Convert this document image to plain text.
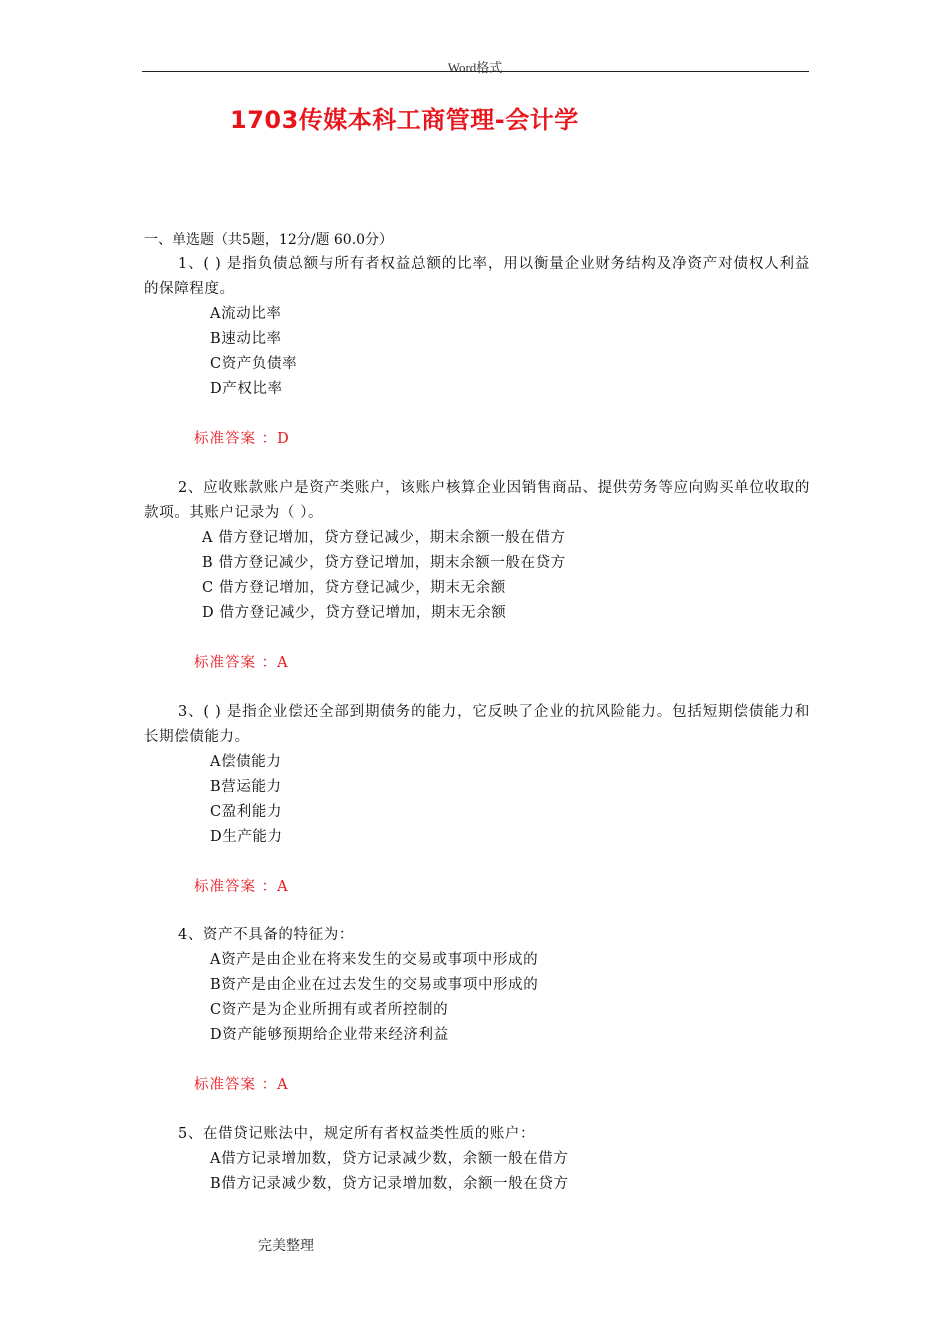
Word格式
1703传媒本科工商管理-会计学
一、单选题（共5题，12分/题 60.0分）
1、( ) 是指负债总额与所有者权益总额的比率，用以衡量企业财务结构及净资产对债权人利益的保障程度。
A流动比率
B速动比率
C资产负债率
D产权比率
标准答案 ：D
2、应收账款账户是资产类账户，该账户核算企业因销售商品、提供劳务等应向购买单位收取的款项。其账户记录为（ ）。
A 借方登记增加，贷方登记减少，期末余额一般在借方
B 借方登记减少，贷方登记增加，期末余额一般在贷方
C 借方登记增加，贷方登记减少，期末无余额
D 借方登记减少，贷方登记增加，期末无余额
标准答案 ：A
3、( ) 是指企业偿还全部到期债务的能力，它反映了企业的抗风险能力。包括短期偿债能力和长期偿债能力。
A偿债能力
B营运能力
C盈利能力
D生产能力
标准答案 ：A
4、资产不具备的特征为：
A资产是由企业在将来发生的交易或事项中形成的
B资产是由企业在过去发生的交易或事项中形成的
C资产是为企业所拥有或者所控制的
D资产能够预期给企业带来经济利益
标准答案 ：A
5、在借贷记账法中，规定所有者权益类性质的账户：
A借方记录增加数，贷方记录减少数，余额一般在借方
B借方记录减少数，贷方记录增加数，余额一般在贷方
完美整理
